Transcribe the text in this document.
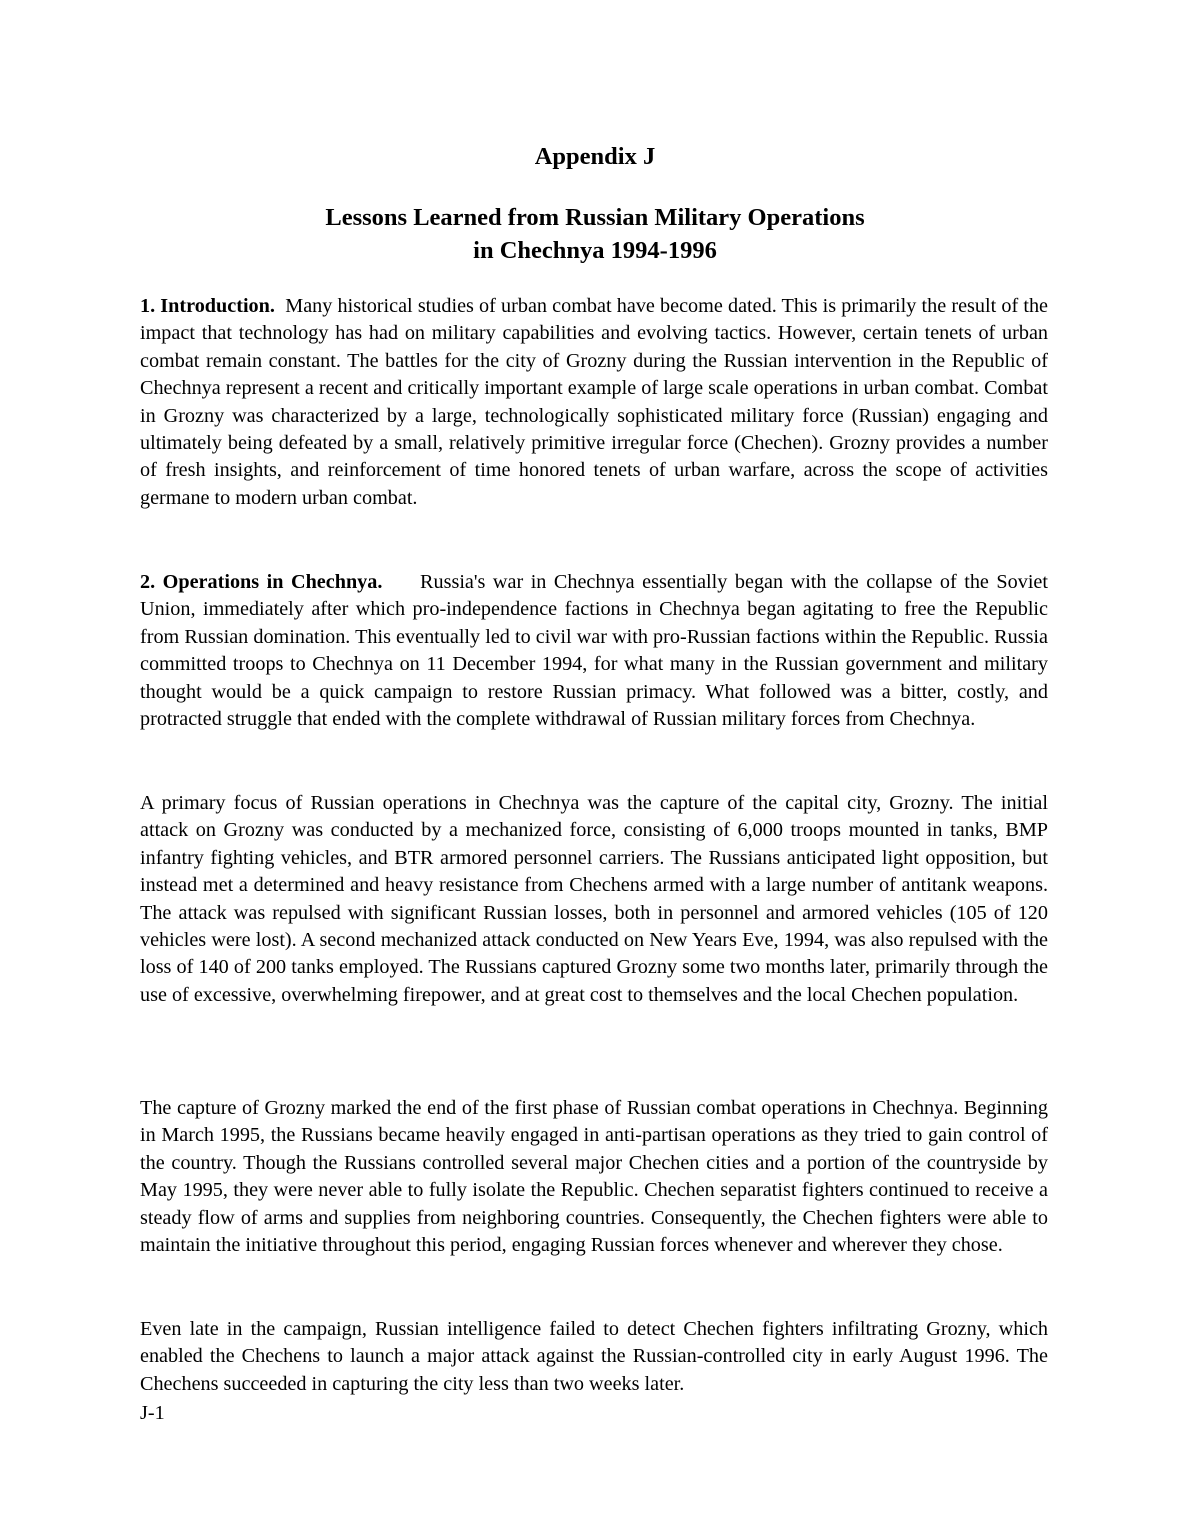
Appendix J
Lessons Learned from Russian Military Operations
in Chechnya 1994-1996

1. Introduction. Many historical studies of urban combat have become dated. This is primarily the result of the impact that technology has had on military capabilities and evolving tactics. However, certain tenets of urban combat remain constant. The battles for the city of Grozny during the Russian intervention in the Republic of Chechnya represent a recent and critically important example of large scale operations in urban combat. Combat in Grozny was characterized by a large, technologically sophisticated military force (Russian) engaging and ultimately being defeated by a small, relatively primitive irregular force (Chechen). Grozny provides a number of fresh insights, and reinforcement of time honored tenets of urban warfare, across the scope of activities germane to modern urban combat.

2. Operations in Chechnya. Russia's war in Chechnya essentially began with the collapse of the Soviet Union, immediately after which pro-independence factions in Chechnya began agitating to free the Republic from Russian domination. This eventually led to civil war with pro-Russian factions within the Republic. Russia committed troops to Chechnya on 11 December 1994, for what many in the Russian government and military thought would be a quick campaign to restore Russian primacy. What followed was a bitter, costly, and protracted struggle that ended with the complete withdrawal of Russian military forces from Chechnya.

A primary focus of Russian operations in Chechnya was the capture of the capital city, Grozny. The initial attack on Grozny was conducted by a mechanized force, consisting of 6,000 troops mounted in tanks, BMP infantry fighting vehicles, and BTR armored personnel carriers. The Russians anticipated light opposition, but instead met a determined and heavy resistance from Chechens armed with a large number of antitank weapons. The attack was repulsed with significant Russian losses, both in personnel and armored vehicles (105 of 120 vehicles were lost). A second mechanized attack conducted on New Years Eve, 1994, was also repulsed with the loss of 140 of 200 tanks employed. The Russians captured Grozny some two months later, primarily through the use of excessive, overwhelming firepower, and at great cost to themselves and the local Chechen population.

The capture of Grozny marked the end of the first phase of Russian combat operations in Chechnya. Beginning in March 1995, the Russians became heavily engaged in anti-partisan operations as they tried to gain control of the country. Though the Russians controlled several major Chechen cities and a portion of the countryside by May 1995, they were never able to fully isolate the Republic. Chechen separatist fighters continued to receive a steady flow of arms and supplies from neighboring countries. Consequently, the Chechen fighters were able to maintain the initiative throughout this period, engaging Russian forces whenever and wherever they chose.

Even late in the campaign, Russian intelligence failed to detect Chechen fighters infiltrating Grozny, which enabled the Chechens to launch a major attack against the Russian-controlled city in early August 1996. The Chechens succeeded in capturing the city less than two weeks later.

J-1
